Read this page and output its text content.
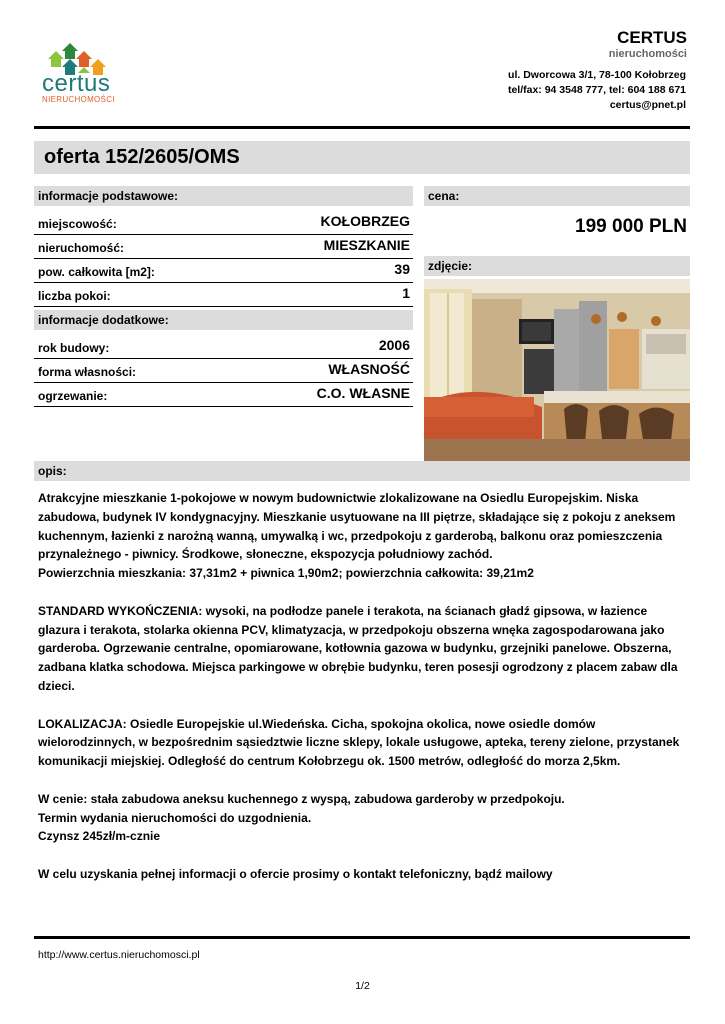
certus
NIERUCHOMOŚCI
CERTUS
nieruchomości
ul. Dworcowa 3/1, 78-100 Kołobrzeg
tel/fax: 94 3548 777, tel: 604 188 671
certus@pnet.pl
oferta 152/2605/OMS
informacje podstawowe:
miejscowość:	KOŁOBRZEG
nieruchomość:	MIESZKANIE
pow. całkowita [m2]:	39
liczba pokoi:	1
informacje dodatkowe:
rok budowy:	2006
forma własności:	WŁASNOŚĆ
ogrzewanie:	C.O. WŁASNE
cena:
199 000 PLN
zdjęcie:
opis:

Atrakcyjne mieszkanie 1-pokojowe w nowym budownictwie zlokalizowane na Osiedlu Europejskim. Niska zabudowa, budynek IV kondygnacyjny. Mieszkanie usytuowane na III piętrze, składające się z pokoju z aneksem kuchennym, łazienki z narożną wanną, umywalką i wc, przedpokoju z garderobą, balkonu oraz pomieszczenia przynależnego - piwnicy. Środkowe, słoneczne, ekspozycja południowy zachód.

Powierzchnia mieszkania: 37,31m2 + piwnica 1,90m2; powierzchnia całkowita: 39,21m2

STANDARD WYKOŃCZENIA: wysoki, na podłodze panele i terakota, na ścianach gładź gipsowa, w łazience glazura i terakota, stolarka okienna PCV, klimatyzacja, w przedpokoju obszerna wnęka zagospodarowana jako garderoba. Ogrzewanie centralne, opomiarowane, kotłownia gazowa w budynku, grzejniki panelowe. Obszerna, zadbana klatka schodowa. Miejsca parkingowe w obrębie budynku, teren posesji ogrodzony z placem zabaw dla dzieci.

LOKALIZACJA: Osiedle Europejskie ul.Wiedeńska. Cicha, spokojna okolica, nowe osiedle domów wielorodzinnych, w bezpośrednim sąsiedztwie liczne sklepy, lokale usługowe, apteka, tereny zielone, przystanek komunikacji miejskiej. Odległość do centrum Kołobrzegu ok. 1500 metrów, odległość do morza 2,5km.

W cenie: stała zabudowa aneksu kuchennego z wyspą, zabudowa garderoby w przedpokoju.

Termin wydania nieruchomości do uzgodnienia.

Czynsz 245zł/m-cznie

W celu uzyskania pełnej informacji o ofercie prosimy o kontakt telefoniczny, bądź mailowy

http://www.certus.nieruchomosci.pl
1/2
